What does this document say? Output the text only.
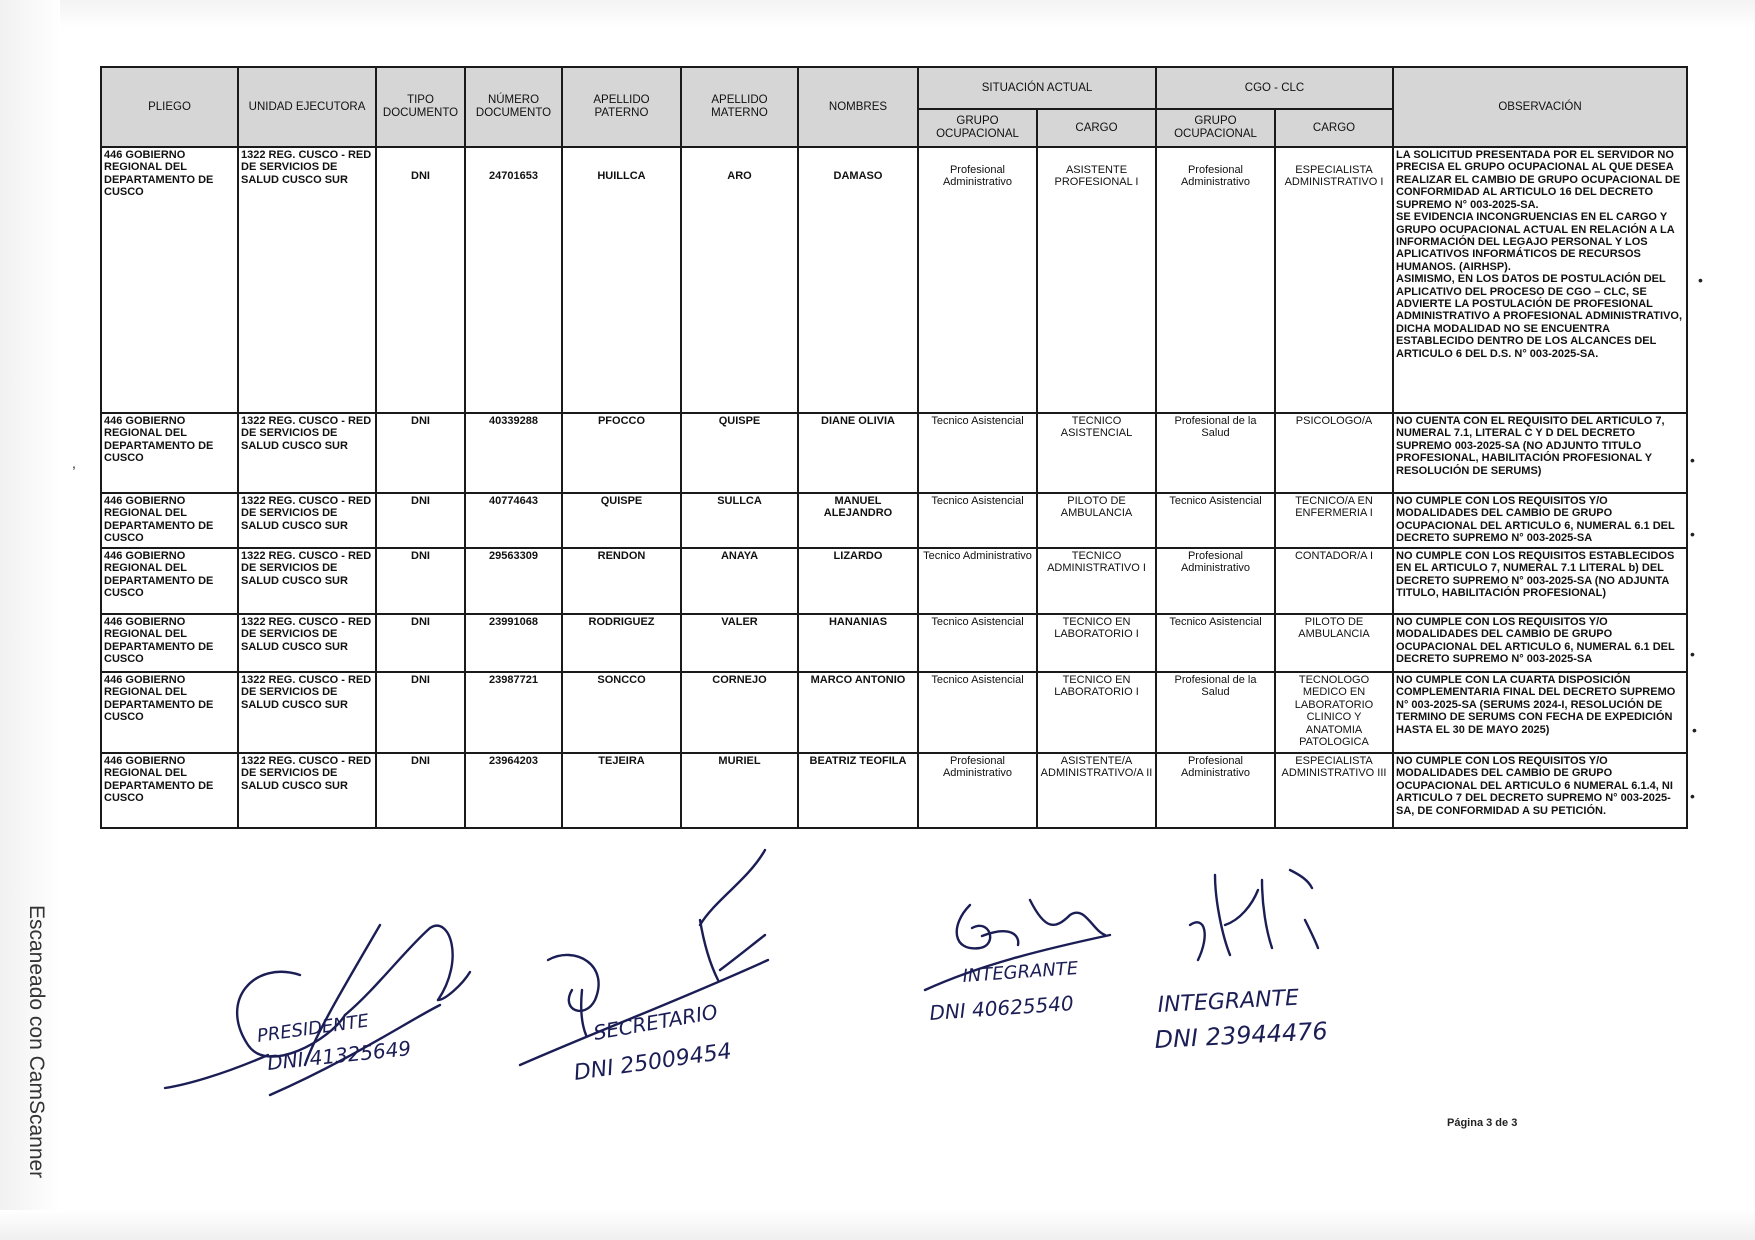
PLIEGO	UNIDAD EJECUTORA	TIPO DOCUMENTO	NÚMERO DOCUMENTO	APELLIDO PATERNO	APELLIDO MATERNO	NOMBRES	SITUACIÓN ACTUAL		CGO - CLC		OBSERVACIÓN
							GRUPO OCUPACIONAL	CARGO	GRUPO OCUPACIONAL	CARGO	
446 GOBIERNO REGIONAL DEL DEPARTAMENTO DE CUSCO	1322 REG. CUSCO - RED DE SERVICIOS DE SALUD CUSCO SUR	DNI	24701653	HUILLCA	ARO	DAMASO	Profesional Administrativo	ASISTENTE PROFESIONAL I	Profesional Administrativo	ESPECIALISTA ADMINISTRATIVO I	LA SOLICITUD PRESENTADA POR EL SERVIDOR NO PRECISA EL GRUPO OCUPACIONAL AL QUE DESEA REALIZAR EL CAMBIO DE GRUPO OCUPACIONAL DE CONFORMIDAD AL ARTICULO 16 DEL DECRETO SUPREMO N° 003-2025-SA.
SE EVIDENCIA INCONGRUENCIAS EN EL CARGO Y GRUPO OCUPACIONAL ACTUAL EN RELACIÓN A LA INFORMACIÓN DEL LEGAJO PERSONAL Y LOS APLICATIVOS INFORMÁTICOS DE RECURSOS HUMANOS. (AIRHSP).
ASIMISMO, EN LOS DATOS DE POSTULACIÓN DEL APLICATIVO DEL PROCESO DE CGO – CLC, SE ADVIERTE LA POSTULACIÓN DE PROFESIONAL ADMINISTRATIVO A PROFESIONAL ADMINISTRATIVO, DICHA MODALIDAD NO SE ENCUENTRA ESTABLECIDO DENTRO DE LOS ALCANCES DEL ARTICULO 6 DEL D.S. N° 003-2025-SA.

446 GOBIERNO REGIONAL DEL DEPARTAMENTO DE CUSCO	1322 REG. CUSCO - RED DE SERVICIOS DE SALUD CUSCO SUR	DNI	40339288	PFOCCO	QUISPE	DIANE OLIVIA	Tecnico Asistencial	TECNICO ASISTENCIAL	Profesional de la Salud	PSICOLOGO/A	NO CUENTA CON EL REQUISITO DEL ARTICULO 7, NUMERAL 7.1, LITERAL C Y D DEL DECRETO SUPREMO 003-2025-SA (NO ADJUNTO TITULO PROFESIONAL, HABILITACIÓN PROFESIONAL Y RESOLUCIÓN DE SERUMS)

446 GOBIERNO REGIONAL DEL DEPARTAMENTO DE CUSCO	1322 REG. CUSCO - RED DE SERVICIOS DE SALUD CUSCO SUR	DNI	40774643	QUISPE	SULLCA	MANUEL ALEJANDRO	Tecnico Asistencial	PILOTO DE AMBULANCIA	Tecnico Asistencial	TECNICO/A EN ENFERMERIA I	NO CUMPLE CON LOS REQUISITOS Y/O MODALIDADES DEL CAMBIO DE GRUPO OCUPACIONAL DEL ARTICULO 6, NUMERAL 6.1 DEL DECRETO SUPREMO N° 003-2025-SA

446 GOBIERNO REGIONAL DEL DEPARTAMENTO DE CUSCO	1322 REG. CUSCO - RED DE SERVICIOS DE SALUD CUSCO SUR	DNI	29563309	RENDON	ANAYA	LIZARDO	Tecnico Administrativo	TECNICO ADMINISTRATIVO I	Profesional Administrativo	CONTADOR/A I	NO CUMPLE CON LOS REQUISITOS ESTABLECIDOS EN EL ARTICULO 7, NUMERAL 7.1 LITERAL b) DEL DECRETO SUPREMO N° 003-2025-SA (NO ADJUNTA TITULO, HABILITACIÓN PROFESIONAL)

446 GOBIERNO REGIONAL DEL DEPARTAMENTO DE CUSCO	1322 REG. CUSCO - RED DE SERVICIOS DE SALUD CUSCO SUR	DNI	23991068	RODRIGUEZ	VALER	HANANIAS	Tecnico Asistencial	TECNICO EN LABORATORIO I	Tecnico Asistencial	PILOTO DE AMBULANCIA	NO CUMPLE CON LOS REQUISITOS Y/O MODALIDADES DEL CAMBIO DE GRUPO OCUPACIONAL DEL ARTICULO 6, NUMERAL 6.1 DEL DECRETO SUPREMO N° 003-2025-SA

446 GOBIERNO REGIONAL DEL DEPARTAMENTO DE CUSCO	1322 REG. CUSCO - RED DE SERVICIOS DE SALUD CUSCO SUR	DNI	23987721	SONCCO	CORNEJO	MARCO ANTONIO	Tecnico Asistencial	TECNICO EN LABORATORIO I	Profesional de la Salud	TECNOLOGO MEDICO EN LABORATORIO CLINICO Y ANATOMIA PATOLOGICA	NO CUMPLE CON LA CUARTA DISPOSICIÓN COMPLEMENTARIA FINAL DEL DECRETO SUPREMO N° 003-2025-SA (SERUMS 2024-I, RESOLUCIÓN DE TERMINO DE SERUMS CON FECHA DE EXPEDICIÓN HASTA EL 30 DE MAYO 2025)

446 GOBIERNO REGIONAL DEL DEPARTAMENTO DE CUSCO	1322 REG. CUSCO - RED DE SERVICIOS DE SALUD CUSCO SUR	DNI	23964203	TEJEIRA	MURIEL	BEATRIZ TEOFILA	Profesional Administrativo	ASISTENTE/A ADMINISTRATIVO/A II	Profesional Administrativo	ESPECIALISTA ADMINISTRATIVO III	NO CUMPLE CON LOS REQUISITOS Y/O MODALIDADES DEL CAMBIO DE GRUPO OCUPACIONAL DEL ARTICULO 6 NUMERAL 6.1.4, NI ARTICULO 7 DEL DECRETO SUPREMO N° 003-2025-SA, DE CONFORMIDAD A SU PETICIÓN.
•
•
•
•
•
•
,
PRESIDENTE
DNI 41325649
SECRETARIO
DNI 25009454
INTEGRANTE
DNI 40625540	INTEGRANTE
DNI 23944476
Página 3 de 3
Escaneado con CamScanner
